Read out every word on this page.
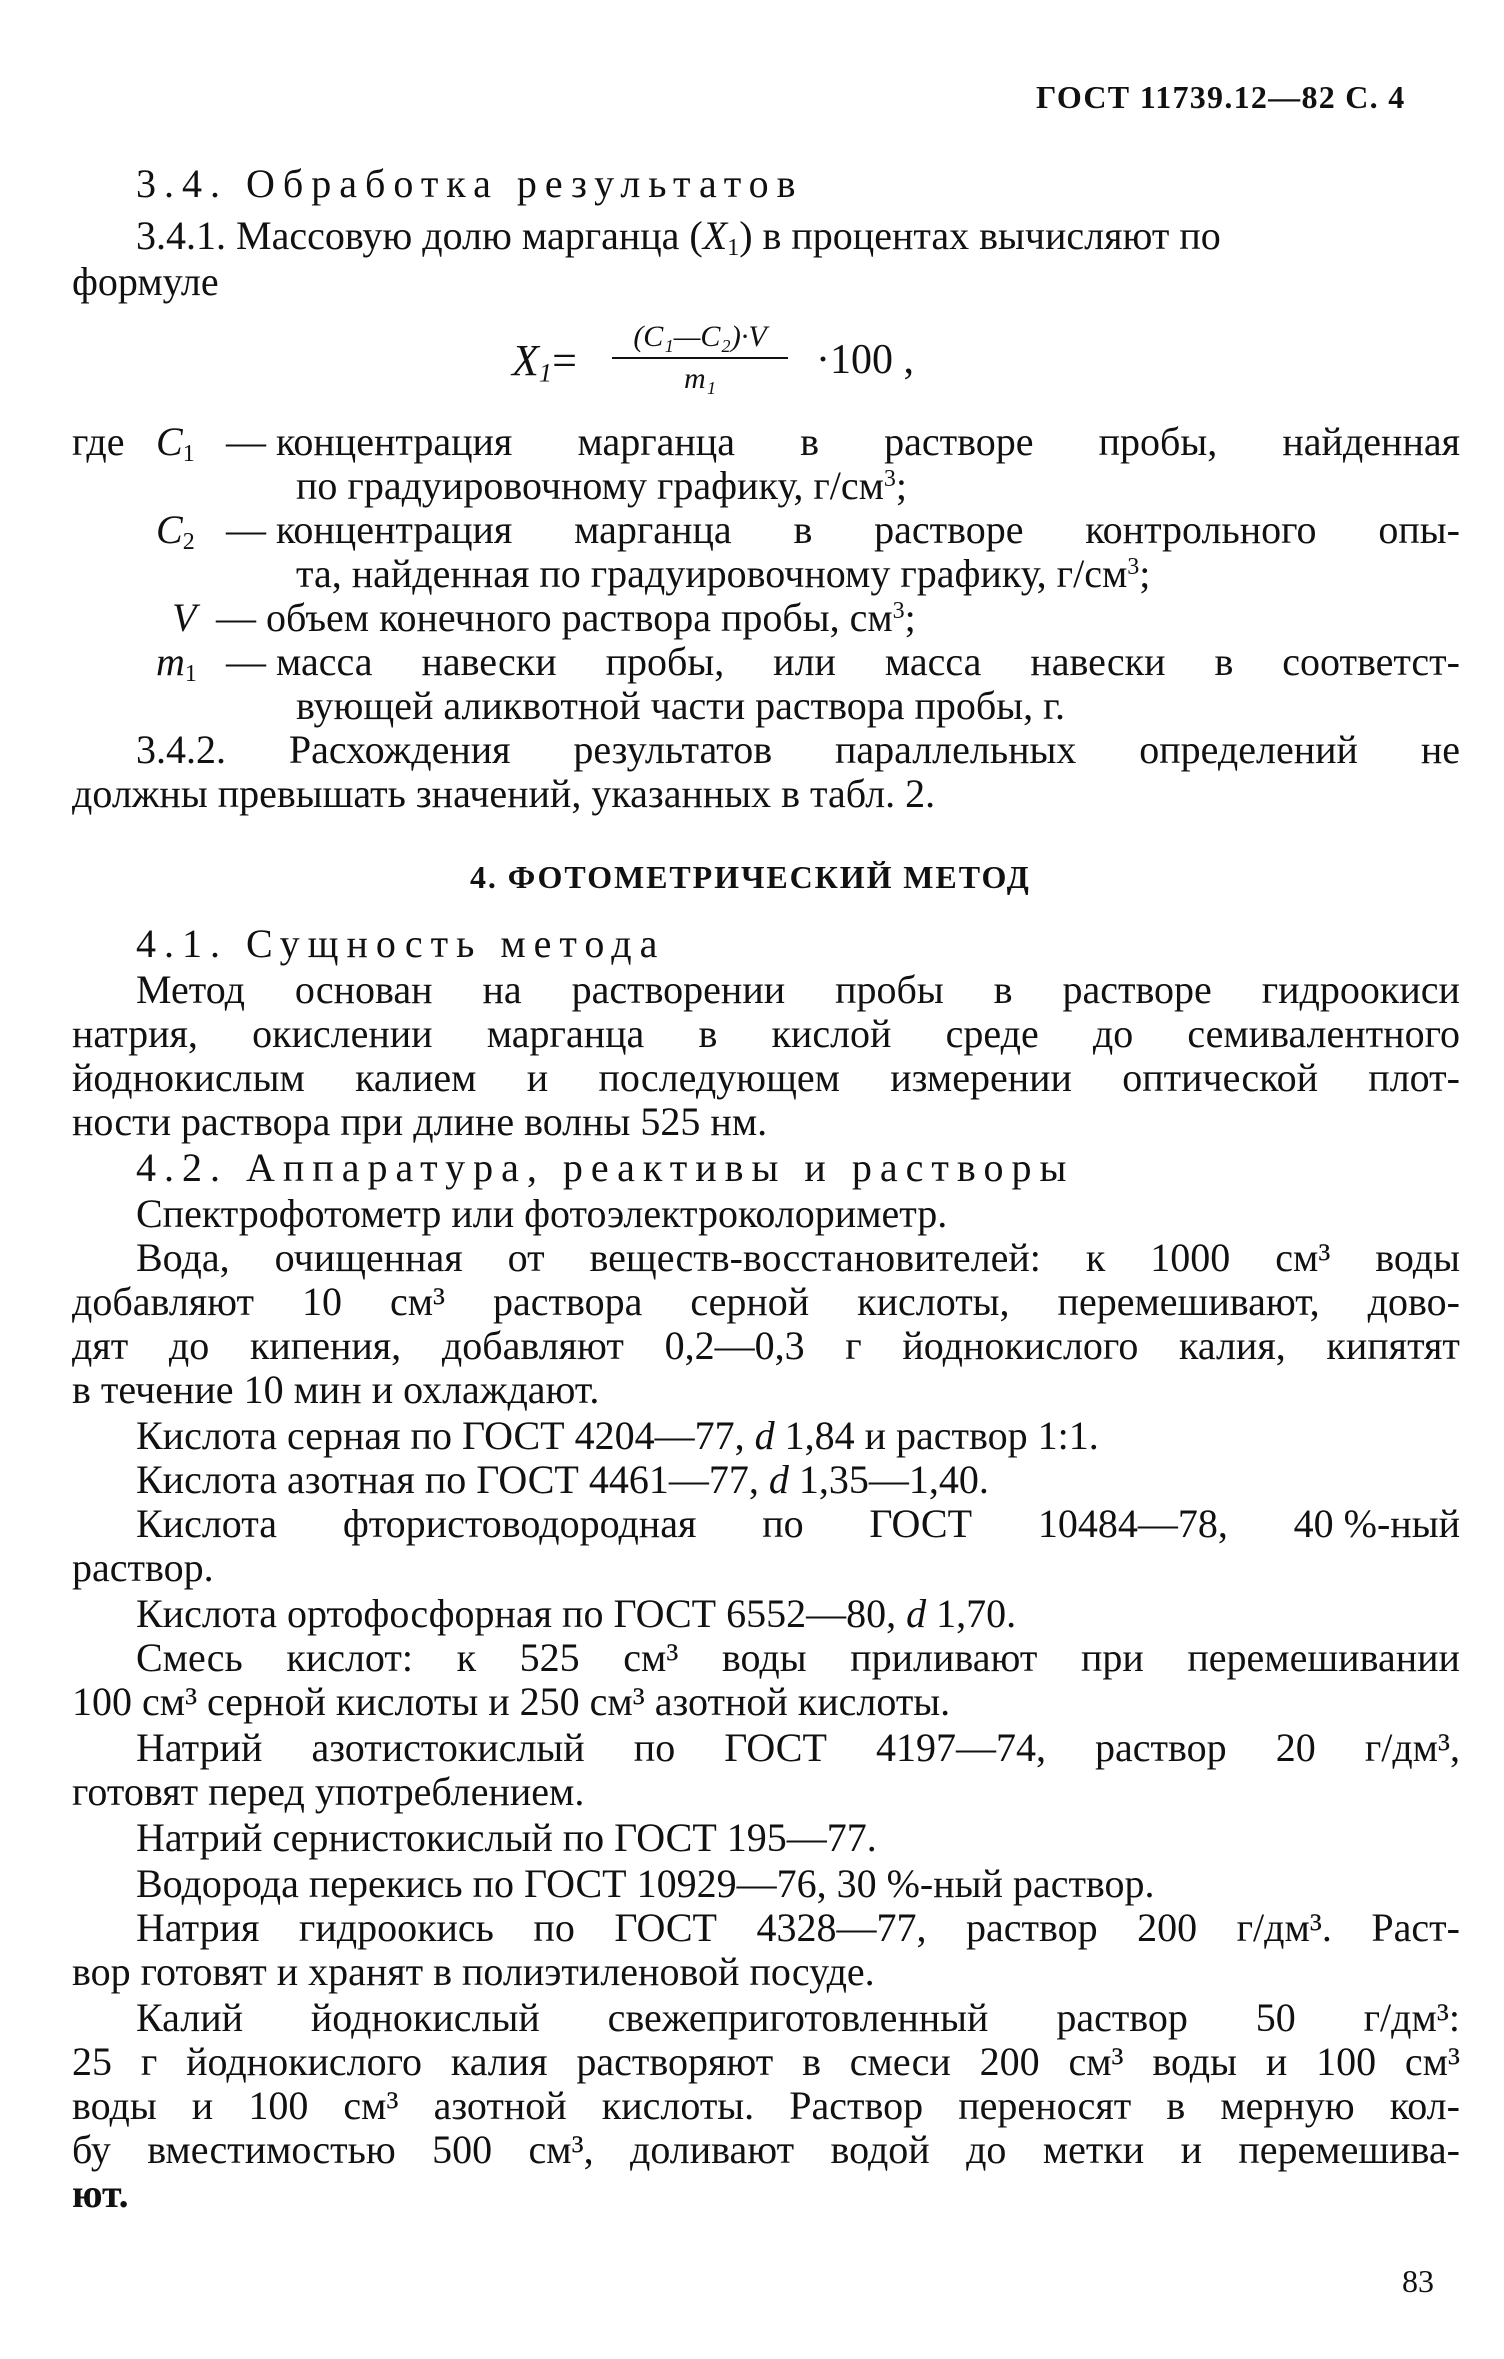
ГОСТ 11739.12—82 С. 4
3.4. Обработка результатов
3.4.1. Массовую долю марганца $(X_1)$ в процентах вычисляют по
формуле
$X_1=$	(C₁—C₂)·V
m₁	·100 ,
где $C_1$ — концентрация марганца в растворе пробы, найденная
по градуировочному графику, $г/см^3$;
$C_2$ — концентрация марганца в растворе контрольного опы-
та, найденная по градуировочному графику, $г/см^3$;
V — объем конечного раствора пробы, $см^3$;
$m_1$ — масса навески пробы, или масса навески в соответст-
вующей аликвотной части раствора пробы, г.
3.4.2. Расхождения результатов параллельных определений не
должны превышать значений, указанных в табл. 2.
4. ФОТОМЕТРИЧЕСКИЙ МЕТОД
4.1. Сущность метода
Метод основан на растворении пробы в растворе гидроокиси
натрия, окислении марганца в кислой среде до семивалентного
йоднокислым калием и последующем измерении оптической плот-
ности раствора при длине волны 525 нм.
4.2. Аппаратура, реактивы и растворы
Спектрофотометр или фотоэлектроколориметр.
Вода, очищенная от веществ-восстановителей: к 1000 см³ воды
добавляют 10 см³ раствора серной кислоты, перемешивают, дово-
дят до кипения, добавляют 0,2—0,3 г йоднокислого калия, кипятят
в течение 10 мин и охлаждают.
Кислота серная по ГОСТ 4204—77, d 1,84 и раствор 1:1.
Кислота азотная по ГОСТ 4461—77, d 1,35—1,40.
Кислота фтористоводородная по ГОСТ 10484—78, 40 %-ный
раствор.
Кислота ортофосфорная по ГОСТ 6552—80, d 1,70.
Смесь кислот: к 525 см³ воды приливают при перемешивании
100 см³ серной кислоты и 250 см³ азотной кислоты.
Натрий азотистокислый по ГОСТ 4197—74, раствор 20 г/дм³,
готовят перед употреблением.
Натрий сернистокислый по ГОСТ 195—77.
Водорода перекись по ГОСТ 10929—76, 30 %-ный раствор.
Натрия гидроокись по ГОСТ 4328—77, раствор 200 г/дм³. Раст-
вор готовят и хранят в полиэтиленовой посуде.
Калий йоднокислый свежеприготовленный раствор 50 г/дм³:
25 г йоднокислого калия растворяют в смеси 200 см³ воды и 100 см³
воды и 100 см³ азотной кислоты. Раствор переносят в мерную кол-
бу вместимостью 500 см³, доливают водой до метки и перемешива-
ют.
83
